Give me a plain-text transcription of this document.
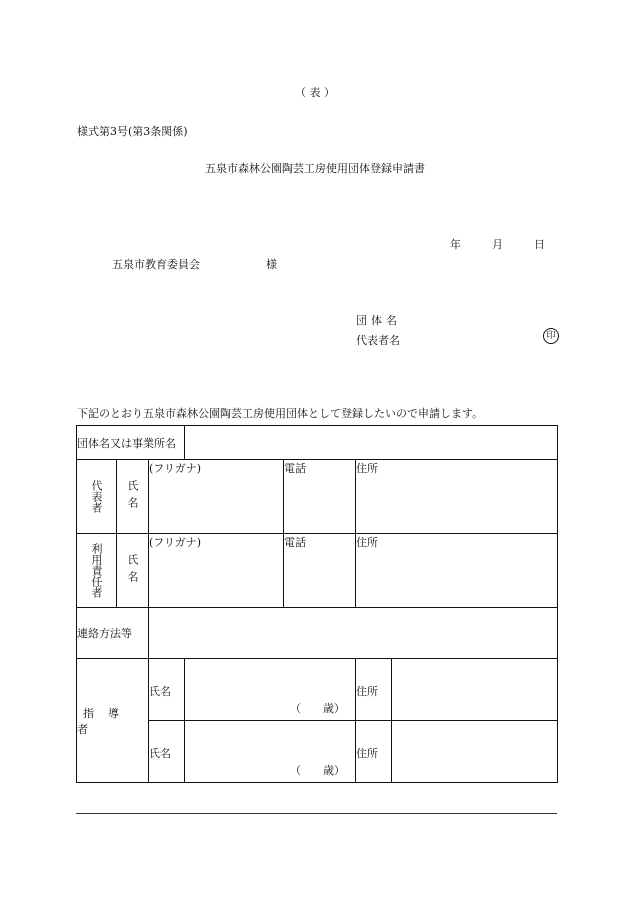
（ 表 ）
様式第3号(第3条関係)
五泉市森林公園陶芸工房使用団体登録申請書
年	月	日
五泉市教育委員会	様
団体名
代表者名	印
下記のとおり五泉市森林公園陶芸工房使用団体として登録したいので申請します。
団体名又は事業所名						

代表者	氏名	(フリガナ)		電話	住所	

利用責任者	氏名	(フリガナ)		電話	住所	
連絡方法等						
指導者		氏名	（　　歳）		住所	
		氏名	（　　歳）		住所	
